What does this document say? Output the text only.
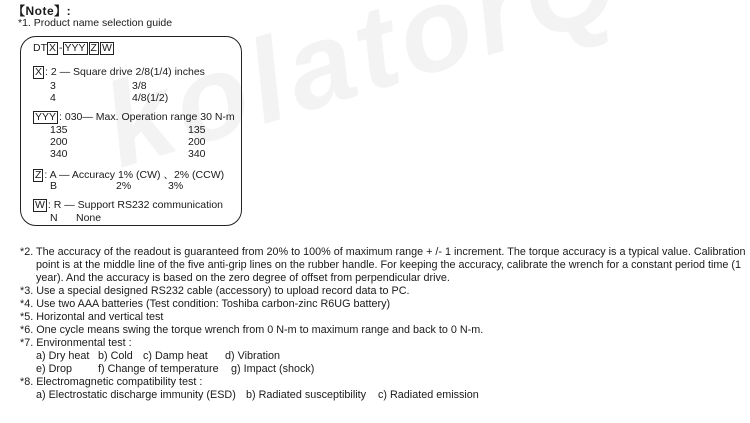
【Note】:
*1. Product name selection guide
DT X - YYY Z W
X : 2 — Square drive 2/8(1/4) inches
3	3/8
4	4/8(1/2)
YYY : 030— Max. Operation range 30 N-m
135	135
200	200
340	340
Z : A — Accuracy 1% (CW) 、2% (CCW)
B	2%	3%
W : R — Support RS232 communication
N None
*2. The accuracy of the readout is guaranteed from 20% to 100% of maximum range + /- 1 increment. The torque accuracy is a typical value. Calibration
point is at the middle line of the five anti-grip lines on the rubber handle. For keeping the accuracy, calibrate the wrench for a constant period time (1
year). And the accuracy is based on the zero degree of offset from perpendicular drive.
*3. Use a special designed RS232 cable (accessory) to upload record data to PC.
*4. Use two AAA batteries (Test condition: Toshiba carbon-zinc R6UG battery)
*5. Horizontal and vertical test
*6. One cycle means swing the torque wrench from 0 N-m to maximum range and back to 0 N-m.
*7. Environmental test :
a) Dry heat b) Cold c) Damp heat d) Vibration
e) Drop f) Change of temperature g) Impact (shock)
*8. Electromagnetic compatibility test :
a) Electrostatic discharge immunity (ESD) b) Radiated susceptibility c) Radiated emission
